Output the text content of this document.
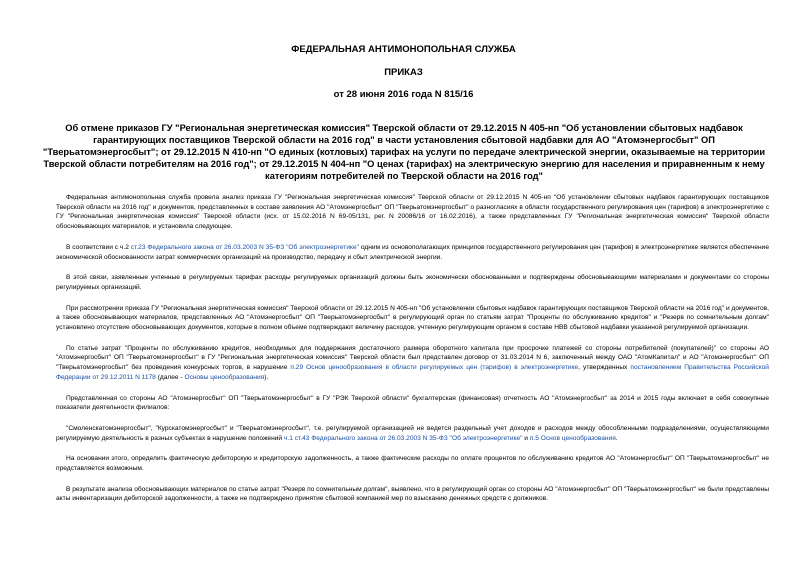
ФЕДЕРАЛЬНАЯ АНТИМОНОПОЛЬНАЯ СЛУЖБА
ПРИКАЗ
от 28 июня 2016 года N 815/16
Об отмене приказов ГУ "Региональная энергетическая комиссия" Тверской области от 29.12.2015 N 405-нп "Об установлении сбытовых надбавок гарантирующих поставщиков Тверской области на 2016 год" в части установления сбытовой надбавки для АО "Атомэнергосбыт" ОП "Тверьатомэнергосбыт"; от 29.12.2015 N 410-нп "О единых (котловых) тарифах на услуги по передаче электрической энергии, оказываемые на территории Тверской области потребителям на 2016 год"; от 29.12.2015 N 404-нп "О ценах (тарифах) на электрическую энергию для населения и приравненным к нему категориям потребителей по Тверской области на 2016 год"

Федеральная антимонопольная служба провела анализ приказа ГУ "Региональная энергетическая комиссия" Тверской области от 29.12.2015 N 405-нп "Об установлении сбытовых надбавок гарантирующих поставщиков Тверской области на 2016 год" и документов, представленных в составе заявления АО "Атомэнергосбыт" ОП "Тверьатомэнергосбыт" о разногласиях в области государственного регулирования цен (тарифов) в электроэнергетике с ГУ "Региональная энергетическая комиссия" Тверской области (исх. от 15.02.2016 N 69-05/131, рег. N 20086/16 от 16.02.2016), а также представленных ГУ "Региональная энергетическая комиссия" Тверской области обосновывающих материалов, и установила следующее.

В соответствии с ч.2 ст.23 Федерального закона от 26.03.2003 N 35-ФЗ "Об электроэнергетике" одним из основополагающих принципов государственного регулирования цен (тарифов) в электроэнергетике является обеспечение экономической обоснованности затрат коммерческих организаций на производство, передачу и сбыт электрической энергии.

В этой связи, заявленные учтенные в регулируемых тарифах расходы регулируемых организаций должны быть экономически обоснованными и подтверждены обосновывающими материалами и документами со стороны регулируемых организаций.

При рассмотрении приказа ГУ "Региональная энергетическая комиссия" Тверской области от 29.12.2015 N 405-нп "Об установлении сбытовых надбавок гарантирующих поставщиков Тверской области на 2016 год" и документов, а также обосновывающих материалов, представленных АО "Атомэнергосбыт" ОП "Тверьатомэнергосбыт" в регулирующий орган по статьям затрат "Проценты по обслуживанию кредитов" и "Резерв по сомнительным долгам" установлено отсутствие обосновывающих документов, которые в полном объеме подтверждают величину расходов, учтенную регулирующим органом в составе НВВ сбытовой надбавки указанной регулируемой организации.

По статье затрат "Проценты по обслуживанию кредитов, необходимых для поддержания достаточного размера оборотного капитала при просрочке платежей со стороны потребителей (покупателей)" со стороны АО "Атомэнергосбыт" ОП "Тверьатомэнергосбыт" в ГУ "Региональная энергетическая комиссия" Тверской области был представлен договор от 31.03.2014 N 6, заключенный между ОАО "АтомКапитал" и АО "Атомэнергосбыт" ОП "Тверьатомэнергосбыт" без проведения конкурсных торгов, в нарушение п.29 Основ ценообразования в области регулируемых цен (тарифов) в электроэнергетике, утвержденных постановлением Правительства Российской Федерации от 29.12.2011 N 1178 (далее - Основы ценообразования).

Представленная со стороны АО "Атомэнергосбыт" ОП "Тверьатомэнергосбыт" в ГУ "РЭК Тверской области" бухгалтерская (финансовая) отчетность АО "Атомэнергосбыт" за 2014 и 2015 годы включает в себя совокупные показатели деятельности филиалов:

"Смоленскатомэнергосбыт", "Курскатомэнергосбыт" и "Тверьатомэнергосбыт", т.е. регулируемой организацией не ведется раздельный учет доходов и расходов между обособленными подразделениями, осуществляющими регулируемую деятельность в разных субъектах в нарушение положений ч.1 ст.43 Федерального закона от 26.03.2003 N 35-ФЗ "Об электроэнергетике" и п.5 Основ ценообразования.

На основании этого, определить фактическую дебиторскую и кредиторскую задолженность, а также фактические расходы по оплате процентов по обслуживанию кредитов АО "Атомэнергосбыт" ОП "Тверьатомэнергосбыт" не представляется возможным.

В результате анализа обосновывающих материалов по статье затрат "Резерв по сомнительным долгам", выявлено, что в регулирующий орган со стороны АО "Атомэнергосбыт" ОП "Тверьатомэнергосбыт" не были представлены акты инвентаризации дебиторской задолженности, а также не подтверждено принятие сбытовой компанией мер по взысканию денежных средств с должников.
